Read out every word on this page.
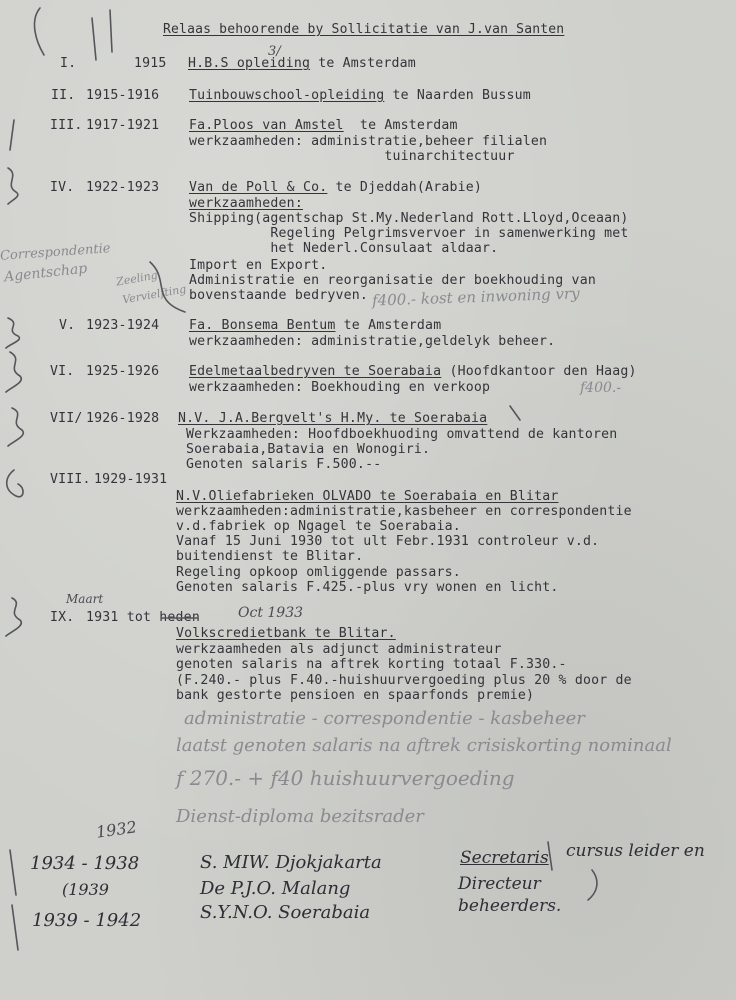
Relaas behoorende by Sollicitatie van J.van Santen
I.	1915 H.B.S opleiding te Amsterdam
II. 1915-1916 Tuinbouwschool-opleiding te Naarden Bussum
III. 1917-1921 Fa.Ploos van Amstel  te Amsterdam
werkzaamheden: administratie,beheer filialen
tuinarchitectuur
IV. 1922-1923 Van de Poll & Co. te Djeddah(Arabie)
werkzaamheden:
Shipping(agentschap St.My.Nederland Rott.Lloyd,Oceaan)
Regeling Pelgrimsvervoer in samenwerking met
het Nederl.Consulaat aldaar.
Import en Export.
Administratie en reorganisatie der boekhouding van
bovenstaande bedryven.
V. 1923-1924 Fa. Bonsema Bentum te Amsterdam
werkzaamheden: administratie,geldelyk beheer.
VI. 1925-1926 Edelmetaalbedryven te Soerabaia (Hoofdkantoor den Haag)
werkzaamheden: Boekhouding en verkoop
VII/ 1926-1928 N.V. J.A.Bergvelt's H.My. te Soerabaia
Werkzaamheden: Hoofdboekhuoding omvattend de kantoren
Soerabaia,Batavia en Wonogiri.
Genoten salaris F.500.--
VIII. 1929-1931
N.V.Oliefabrieken OLVADO te Soerabaia en Blitar
werkzaamheden:administratie,kasbeheer en correspondentie
v.d.fabriek op Ngagel te Soerabaia.
Vanaf 15 Juni 1930 tot ult Febr.1931 controleur v.d.
buitendienst te Blitar.
Regeling opkoop omliggende passars.
Genoten salaris F.425.-plus vry wonen en licht.
IX. 1931 tot heden
Volkscredietbank te Blitar.
werkzaamheden als adjunct administrateur
genoten salaris na aftrek korting totaal F.330.-
(F.240.- plus F.40.-huishuurvergoeding plus 20 % door de
bank gestorte pensioen en spaarfonds premie)
3/
Maart
Oct 1933
Correspondentie
Agentschap Zeeling
Vervielfting	f400.- kost en inwoning vry
f400.-
administratie - correspondentie - kasbeheer
laatst genoten salaris na aftrek crisiskorting nominaal
f 270.- + f40 huishuurvergoeding
Dienst-diploma bezitsrader
1932
1934 - 1938
(1939
1939 - 1942
S. MIW. Djokjakarta
De P.J.O. Malang
S.Y.N.O. Soerabaia
Secretaris cursus leider en
Directeur
beheerders.
